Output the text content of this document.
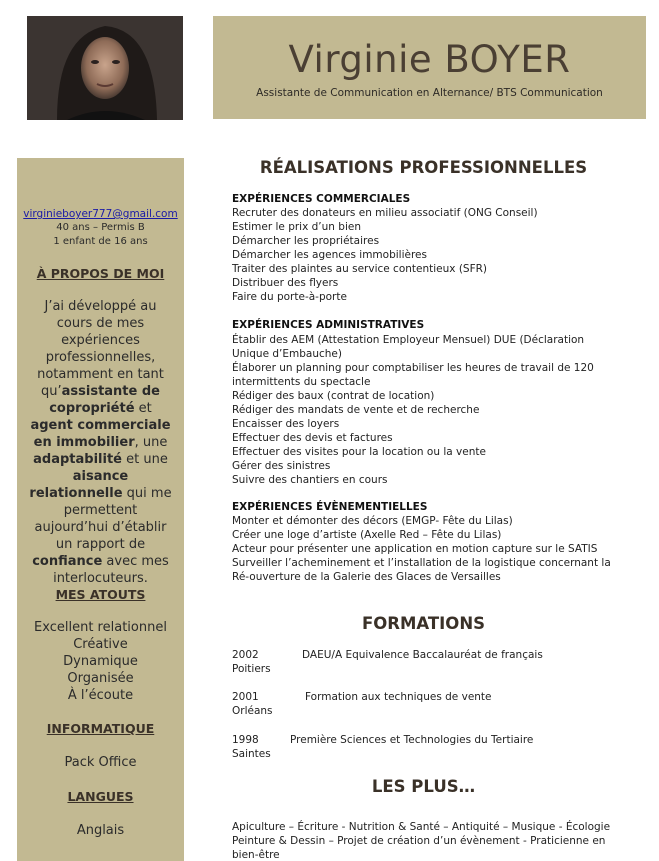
Virginie BOYER
Assistante de Communication en Alternance/ BTS Communication
virginieboyer777@gmail.com
40 ans – Permis B
1 enfant de 16 ans
À PROPOS DE MOI
J’ai développé au cours de mes expériences professionnelles, notamment en tant qu’assistante de copropriété et agent commerciale en immobilier, une adaptabilité et une aisance relationnelle qui me permettent aujourd’hui d’établir un rapport de confiance avec mes interlocuteurs.
MES ATOUTS
Excellent relationnel
Créative
Dynamique
Organisée
À l’écoute
INFORMATIQUE
Pack Office
LANGUES
Anglais
RÉALISATIONS PROFESSIONNELLES
EXPÉRIENCES COMMERCIALES
Recruter des donateurs en milieu associatif (ONG Conseil)
Estimer le prix d’un bien
Démarcher les propriétaires
Démarcher les agences immobilières
Traiter des plaintes au service contentieux (SFR)
Distribuer des flyers
Faire du porte-à-porte
EXPÉRIENCES ADMINISTRATIVES
Établir des AEM (Attestation Employeur Mensuel) DUE (Déclaration
Unique d’Embauche)
Élaborer un planning pour comptabiliser les heures de travail de 120
intermittents du spectacle
Rédiger des baux (contrat de location)
Rédiger des mandats de vente et de recherche
Encaisser des loyers
Effectuer des devis et factures
Effectuer des visites pour la location ou la vente
Gérer des sinistres
Suivre des chantiers en cours
EXPÉRIENCES ÉVÈNEMENTIELLES
Monter et démonter des décors (EMGP- Fête du Lilas)
Créer une loge d’artiste (Axelle Red – Fête du Lilas)
Acteur pour présenter une application en motion capture sur le SATIS
Surveiller l’acheminement et l’installation de la logistique concernant la
Ré-ouverture de la Galerie des Glaces de Versailles
FORMATIONS
2002	DAEU/A Equivalence Baccalauréat de français
Poitiers
2001	Formation aux techniques de vente
Orléans
1998	Première Sciences et Technologies du Tertiaire
Saintes
LES PLUS…
Apiculture – Écriture - Nutrition & Santé – Antiquité – Musique - Écologie
Peinture & Dessin – Projet de création d’un évènement - Praticienne en
bien-être
